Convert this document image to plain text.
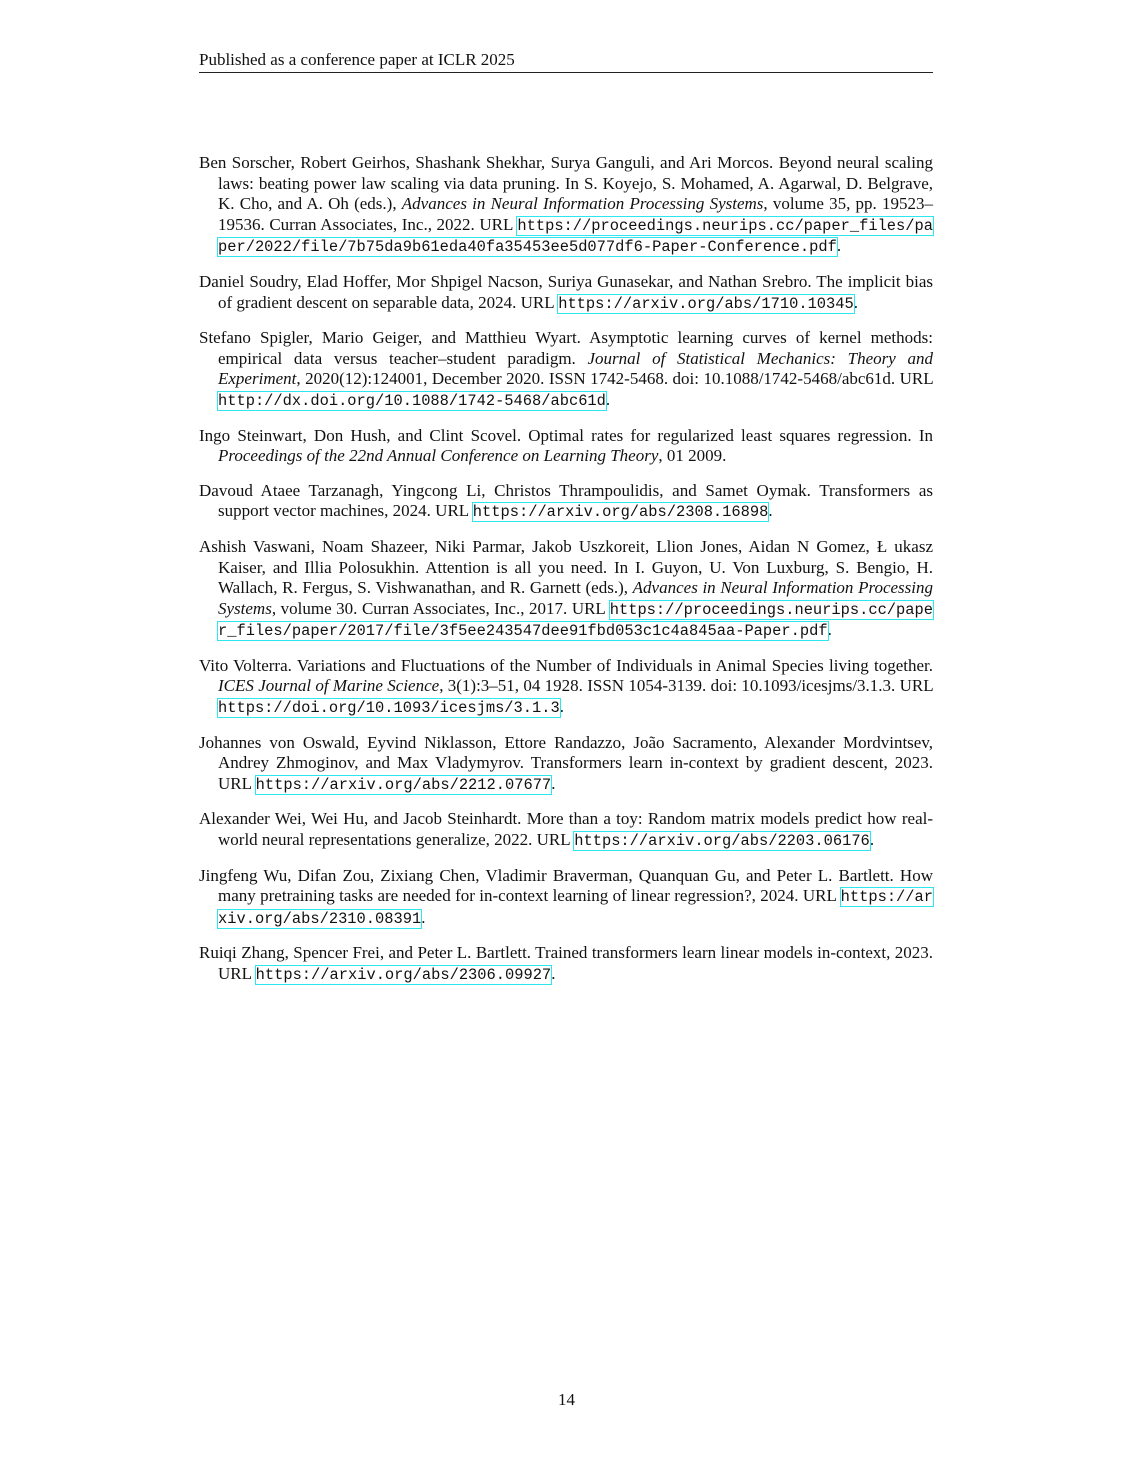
Published as a conference paper at ICLR 2025

Ben Sorscher, Robert Geirhos, Shashank Shekhar, Surya Ganguli, and Ari Morcos. Beyond neural scaling laws: beating power law scaling via data pruning. In S. Koyejo, S. Mohamed, A. Agarwal, D. Belgrave, K. Cho, and A. Oh (eds.), Advances in Neural Information Processing Systems, volume 35, pp. 19523–19536. Curran Associates, Inc., 2022. URL https://proceedings.neurips.cc/paper_files/paper/2022/file/7b75da9b61eda40fa35453ee5d077df6-Paper-Conference.pdf.

Daniel Soudry, Elad Hoffer, Mor Shpigel Nacson, Suriya Gunasekar, and Nathan Srebro. The implicit bias of gradient descent on separable data, 2024. URL https://arxiv.org/abs/1710.10345.

Stefano Spigler, Mario Geiger, and Matthieu Wyart. Asymptotic learning curves of kernel methods: empirical data versus teacher–student paradigm. Journal of Statistical Mechanics: Theory and Experiment, 2020(12):124001, December 2020. ISSN 1742-5468. doi: 10.1088/1742-5468/abc61d. URL http://dx.doi.org/10.1088/1742-5468/abc61d.

Ingo Steinwart, Don Hush, and Clint Scovel. Optimal rates for regularized least squares regression. In Proceedings of the 22nd Annual Conference on Learning Theory, 01 2009.

Davoud Ataee Tarzanagh, Yingcong Li, Christos Thrampoulidis, and Samet Oymak. Transformers as support vector machines, 2024. URL https://arxiv.org/abs/2308.16898.

Ashish Vaswani, Noam Shazeer, Niki Parmar, Jakob Uszkoreit, Llion Jones, Aidan N Gomez, Ł ukasz Kaiser, and Illia Polosukhin. Attention is all you need. In I. Guyon, U. Von Luxburg, S. Bengio, H. Wallach, R. Fergus, S. Vishwanathan, and R. Garnett (eds.), Advances in Neural Information Processing Systems, volume 30. Curran Associates, Inc., 2017. URL https://proceedings.neurips.cc/paper_files/paper/2017/file/3f5ee243547dee91fbd053c1c4a845aa-Paper.pdf.

Vito Volterra. Variations and Fluctuations of the Number of Individuals in Animal Species living together. ICES Journal of Marine Science, 3(1):3–51, 04 1928. ISSN 1054-3139. doi: 10.1093/icesjms/3.1.3. URL https://doi.org/10.1093/icesjms/3.1.3.

Johannes von Oswald, Eyvind Niklasson, Ettore Randazzo, João Sacramento, Alexander Mordvintsev, Andrey Zhmoginov, and Max Vladymyrov. Transformers learn in-context by gradient descent, 2023. URL https://arxiv.org/abs/2212.07677.

Alexander Wei, Wei Hu, and Jacob Steinhardt. More than a toy: Random matrix models predict how real-world neural representations generalize, 2022. URL https://arxiv.org/abs/2203.06176.

Jingfeng Wu, Difan Zou, Zixiang Chen, Vladimir Braverman, Quanquan Gu, and Peter L. Bartlett. How many pretraining tasks are needed for in-context learning of linear regression?, 2024. URL https://arxiv.org/abs/2310.08391.

Ruiqi Zhang, Spencer Frei, and Peter L. Bartlett. Trained transformers learn linear models in-context, 2023. URL https://arxiv.org/abs/2306.09927.

14
